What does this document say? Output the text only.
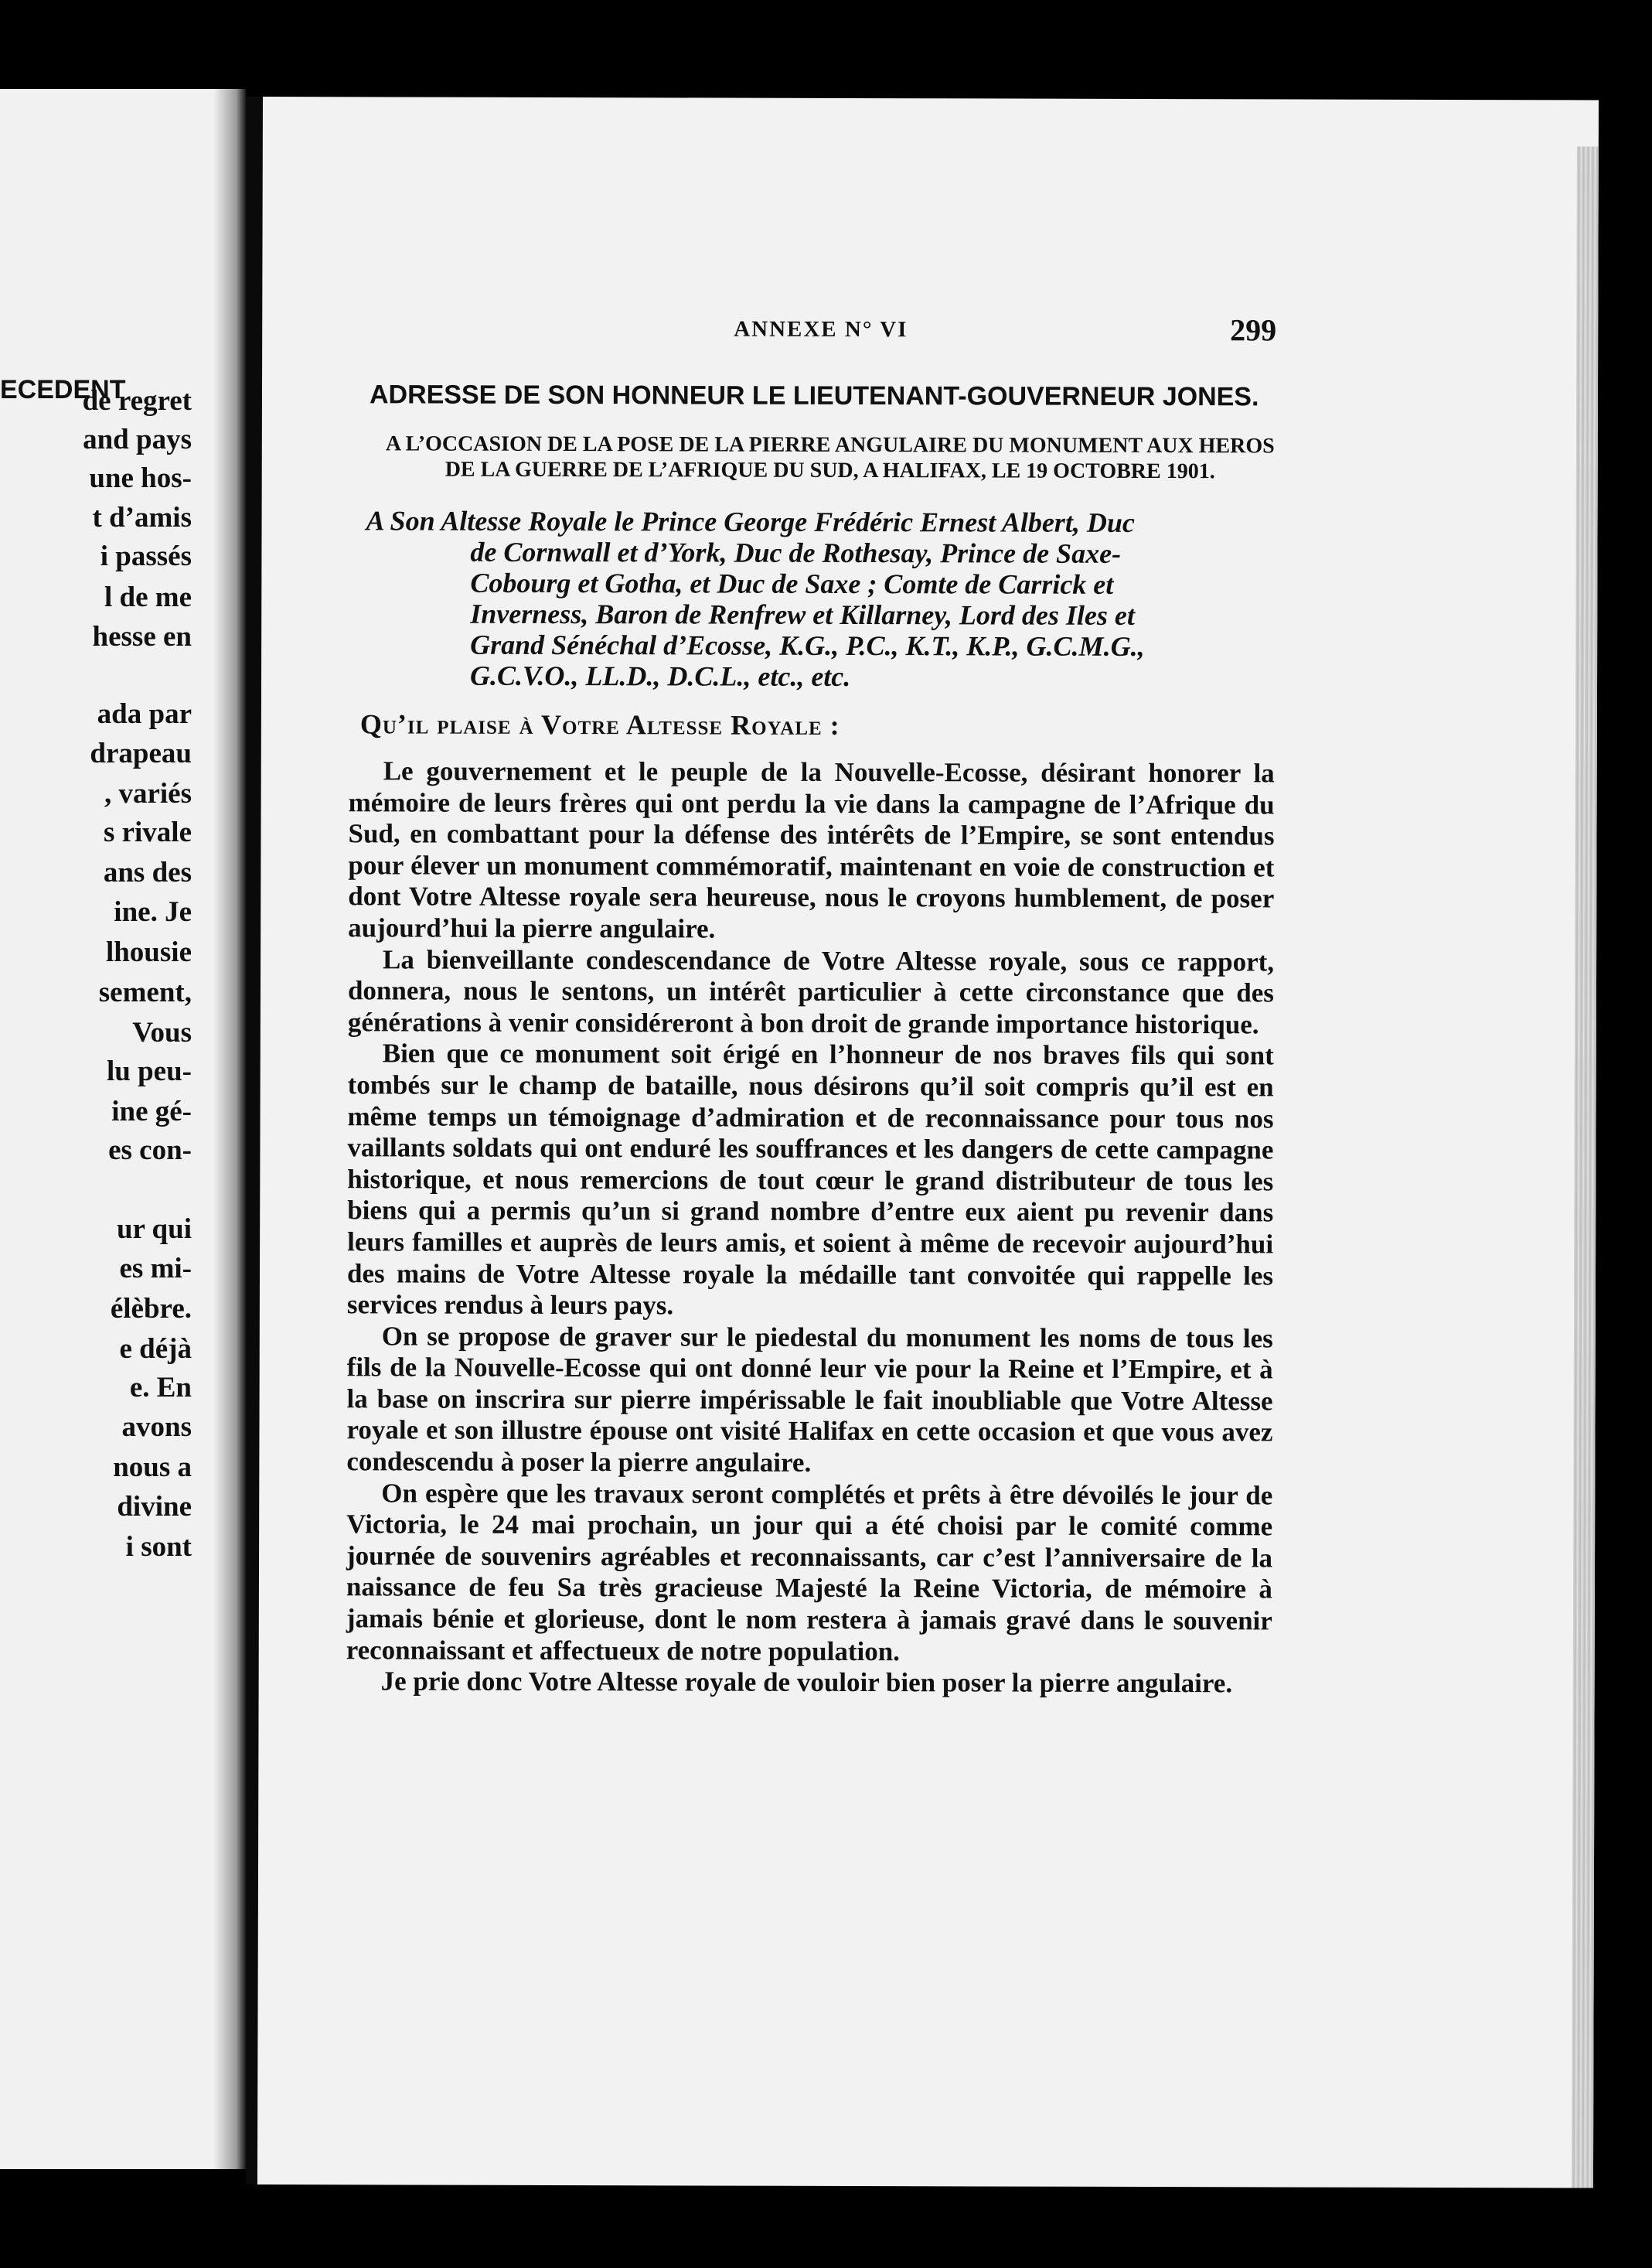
ECEDENT
de regret
and pays
une hos-
t d’amis
i passés
l de me
hesse en
ada par
drapeau
, variés
s rivale
ans des
ine. Je
lhousie
sement,
Vous
lu peu-
ine gé-
es con-
ur qui
es mi-
élèbre.
e déjà
e. En
avons
nous a
divine
i sont
ANNEXE N° VI	299
ADRESSE DE SON HONNEUR LE LIEUTENANT-GOUVERNEUR JONES.
A L’OCCASION DE LA POSE DE LA PIERRE ANGULAIRE DU MONUMENT AUX HEROS DE LA GUERRE DE L’AFRIQUE DU SUD, A HALIFAX, LE 19 OCTOBRE 1901.
A Son Altesse Royale le Prince George Frédéric Ernest Albert, Duc
de Cornwall et d’York, Duc de Rothesay, Prince de Saxe-
Cobourg et Gotha, et Duc de Saxe ; Comte de Carrick et
Inverness, Baron de Renfrew et Killarney, Lord des Iles et
Grand Sénéchal d’Ecosse, K.G., P.C., K.T., K.P., G.C.M.G.,
G.C.V.O., LL.D., D.C.L., etc., etc.
Qu’il plaise à Votre Altesse Royale :

Le gouvernement et le peuple de la Nouvelle-Ecosse, désirant honorer la mémoire de leurs frères qui ont perdu la vie dans la campagne de l’Afrique du Sud, en combattant pour la défense des intérêts de l’Empire, se sont entendus pour élever un monument commémoratif, maintenant en voie de construction et dont Votre Altesse royale sera heureuse, nous le croyons humblement, de poser aujourd’hui la pierre angulaire.

La bienveillante condescendance de Votre Altesse royale, sous ce rapport, donnera, nous le sentons, un intérêt particulier à cette circonstance que des générations à venir considéreront à bon droit de grande importance historique.

Bien que ce monument soit érigé en l’honneur de nos braves fils qui sont tombés sur le champ de bataille, nous désirons qu’il soit compris qu’il est en même temps un témoignage d’admiration et de reconnaissance pour tous nos vaillants soldats qui ont enduré les souffrances et les dangers de cette campagne historique, et nous remercions de tout cœur le grand distributeur de tous les biens qui a permis qu’un si grand nombre d’entre eux aient pu revenir dans leurs familles et auprès de leurs amis, et soient à même de recevoir aujourd’hui des mains de Votre Altesse royale la médaille tant convoitée qui rappelle les services rendus à leurs pays.

On se propose de graver sur le piedestal du monument les noms de tous les fils de la Nouvelle-Ecosse qui ont donné leur vie pour la Reine et l’Empire, et à la base on inscrira sur pierre impérissable le fait inoubliable que Votre Altesse royale et son illustre épouse ont visité Halifax en cette occasion et que vous avez condescendu à poser la pierre angulaire.

On espère que les travaux seront complétés et prêts à être dévoilés le jour de Victoria, le 24 mai prochain, un jour qui a été choisi par le comité comme journée de souvenirs agréables et reconnaissants, car c’est l’anniversaire de la naissance de feu Sa très gracieuse Majesté la Reine Victoria, de mémoire à jamais bénie et glorieuse, dont le nom restera à jamais gravé dans le souvenir reconnaissant et affectueux de notre population.

Je prie donc Votre Altesse royale de vouloir bien poser la pierre angulaire.
